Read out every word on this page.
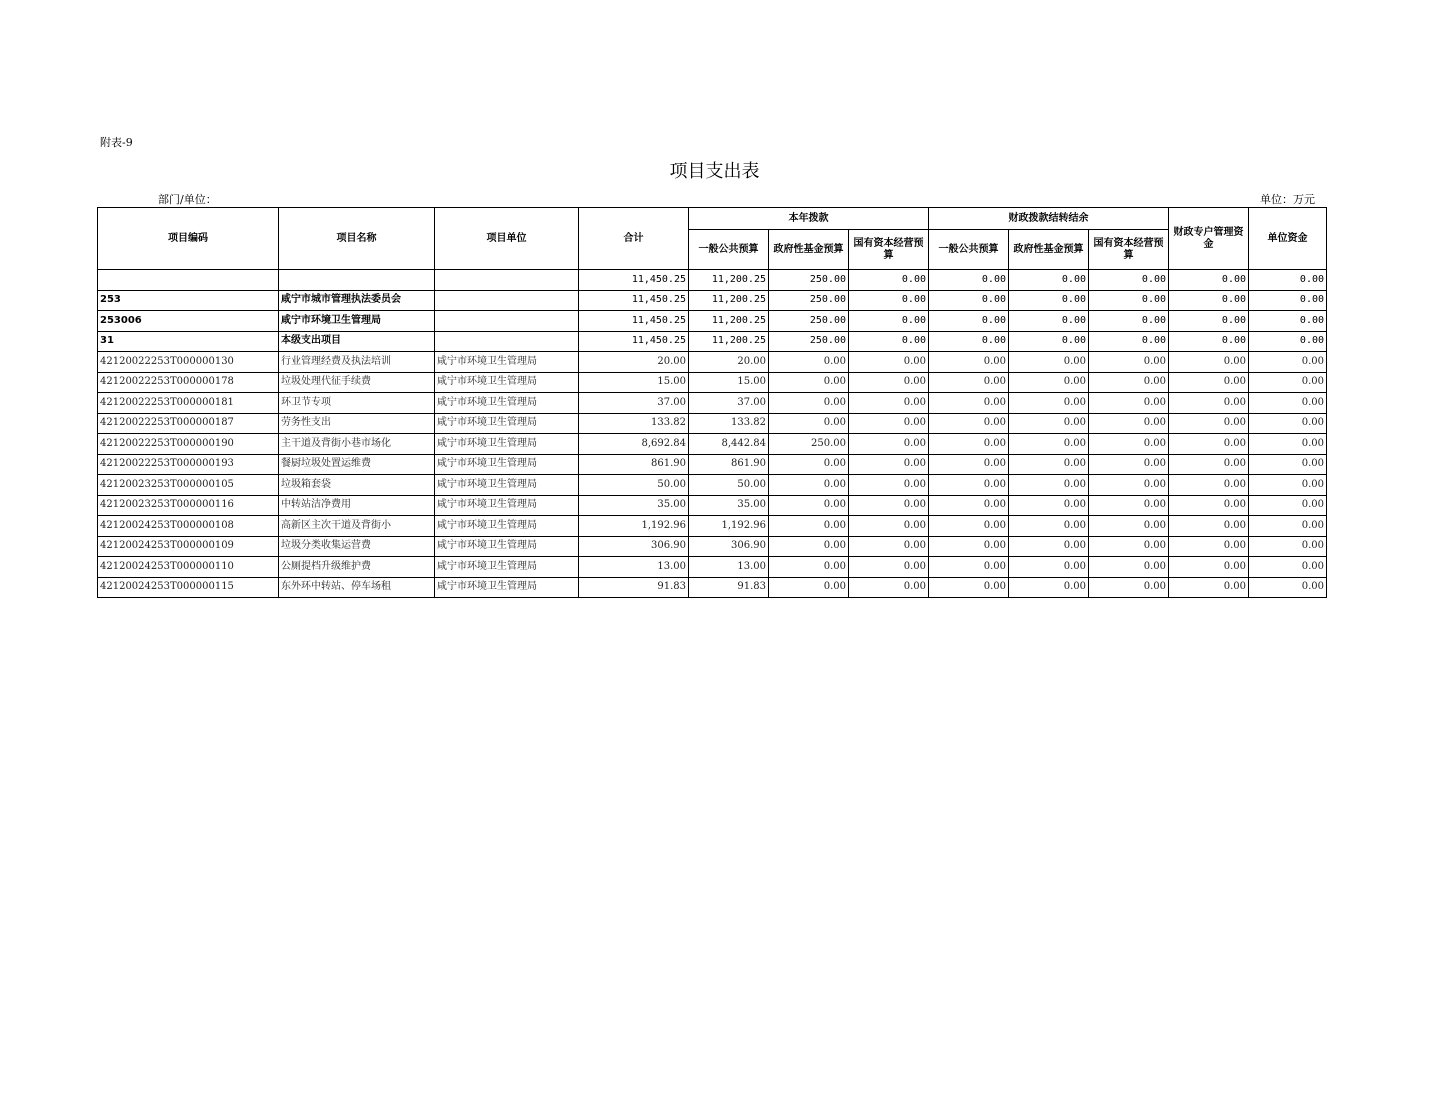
附表-9
项目支出表
部门/单位：	单位：万元
项目编码	项目名称	项目单位	合计	本年拨款			财政拨款结转结余			财政专户管理资金	单位资金
				一般公共预算	政府性基金预算	国有资本经营预算	一般公共预算	政府性基金预算	国有资本经营预算		
			11,450.25	11,200.25	250.00	0.00	0.00	0.00	0.00	0.00	0.00
253	咸宁市城市管理执法委员会		11,450.25	11,200.25	250.00	0.00	0.00	0.00	0.00	0.00	0.00
253006	咸宁市环境卫生管理局		11,450.25	11,200.25	250.00	0.00	0.00	0.00	0.00	0.00	0.00
31	本级支出项目		11,450.25	11,200.25	250.00	0.00	0.00	0.00	0.00	0.00	0.00
42120022253T000000130	行业管理经费及执法培训	咸宁市环境卫生管理局	20.00	20.00	0.00	0.00	0.00	0.00	0.00	0.00	0.00
42120022253T000000178	垃圾处理代征手续费	咸宁市环境卫生管理局	15.00	15.00	0.00	0.00	0.00	0.00	0.00	0.00	0.00
42120022253T000000181	环卫节专项	咸宁市环境卫生管理局	37.00	37.00	0.00	0.00	0.00	0.00	0.00	0.00	0.00
42120022253T000000187	劳务性支出	咸宁市环境卫生管理局	133.82	133.82	0.00	0.00	0.00	0.00	0.00	0.00	0.00
42120022253T000000190	主干道及背街小巷市场化	咸宁市环境卫生管理局	8,692.84	8,442.84	250.00	0.00	0.00	0.00	0.00	0.00	0.00
42120022253T000000193	餐厨垃圾处置运维费	咸宁市环境卫生管理局	861.90	861.90	0.00	0.00	0.00	0.00	0.00	0.00	0.00
42120023253T000000105	垃圾箱套袋	咸宁市环境卫生管理局	50.00	50.00	0.00	0.00	0.00	0.00	0.00	0.00	0.00
42120023253T000000116	中转站洁净费用	咸宁市环境卫生管理局	35.00	35.00	0.00	0.00	0.00	0.00	0.00	0.00	0.00
42120024253T000000108	高新区主次干道及背街小	咸宁市环境卫生管理局	1,192.96	1,192.96	0.00	0.00	0.00	0.00	0.00	0.00	0.00
42120024253T000000109	垃圾分类收集运营费	咸宁市环境卫生管理局	306.90	306.90	0.00	0.00	0.00	0.00	0.00	0.00	0.00
42120024253T000000110	公厕提档升级维护费	咸宁市环境卫生管理局	13.00	13.00	0.00	0.00	0.00	0.00	0.00	0.00	0.00
42120024253T000000115	东外环中转站、停车场租	咸宁市环境卫生管理局	91.83	91.83	0.00	0.00	0.00	0.00	0.00	0.00	0.00
